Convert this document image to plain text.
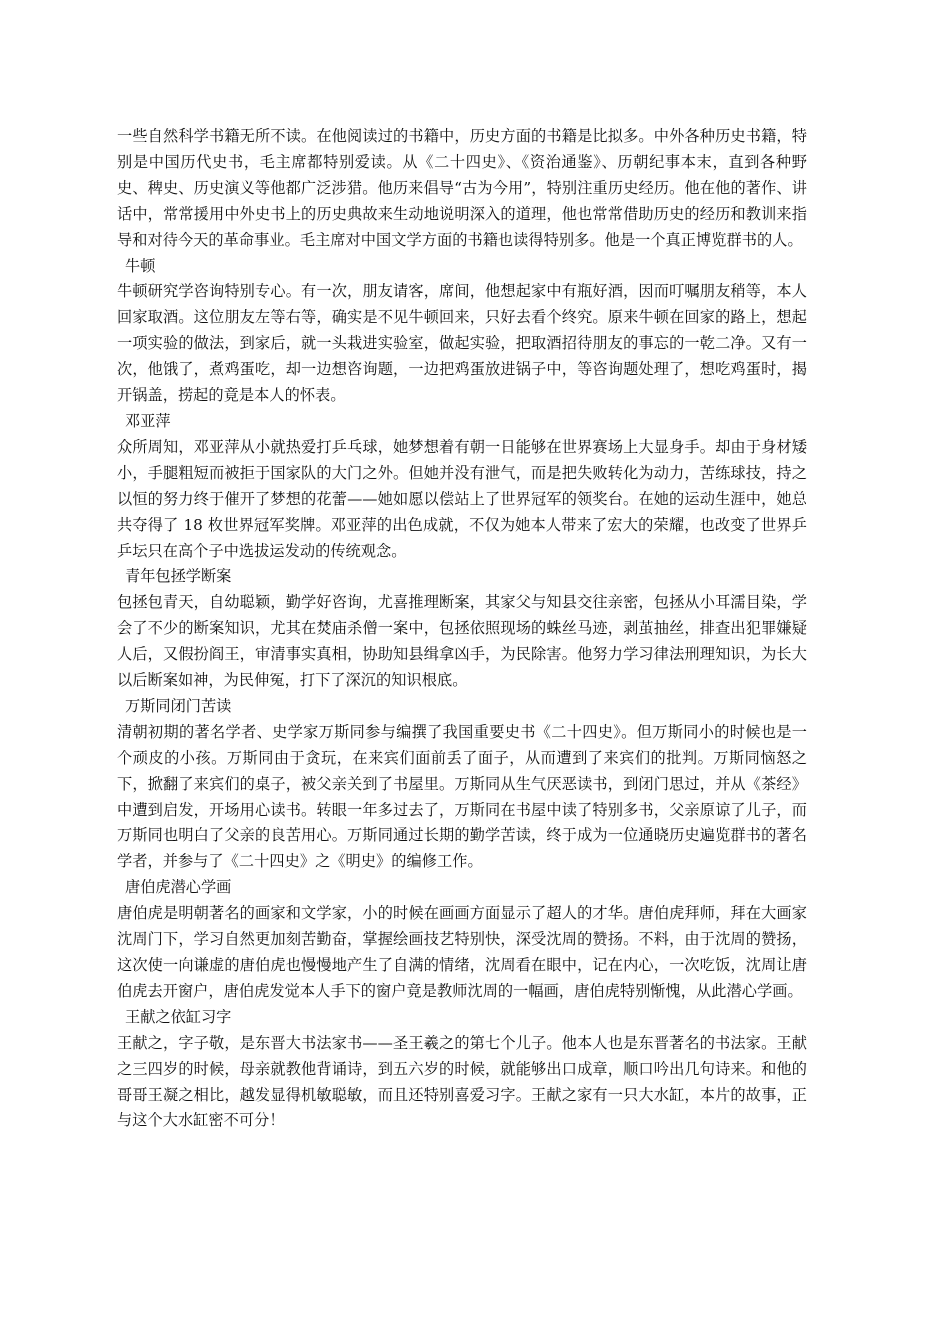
一些自然科学书籍无所不读。在他阅读过的书籍中，历史方面的书籍是比拟多。中外各种历史书籍，特别是中国历代史书，毛主席都特别爱读。从《二十四史》、《资治通鉴》、历朝纪事本末，直到各种野史、稗史、历史演义等他都广泛涉猎。他历来倡导“古为今用”，特别注重历史经历。他在他的著作、讲话中，常常援用中外史书上的历史典故来生动地说明深入的道理，他也常常借助历史的经历和教训来指导和对待今天的革命事业。毛主席对中国文学方面的书籍也读得特别多。他是一个真正博览群书的人。

牛顿

牛顿研究学咨询特别专心。有一次，朋友请客，席间，他想起家中有瓶好酒，因而叮嘱朋友稍等，本人回家取酒。这位朋友左等右等，确实是不见牛顿回来，只好去看个终究。原来牛顿在回家的路上，想起一项实验的做法，到家后，就一头栽进实验室，做起实验，把取酒招待朋友的事忘的一乾二净。又有一次，他饿了，煮鸡蛋吃，却一边想咨询题，一边把鸡蛋放进锅子中，等咨询题处理了，想吃鸡蛋时，揭开锅盖，捞起的竟是本人的怀表。

邓亚萍

众所周知，邓亚萍从小就热爱打乒乓球，她梦想着有朝一日能够在世界赛场上大显身手。却由于身材矮小，手腿粗短而被拒于国家队的大门之外。但她并没有泄气，而是把失败转化为动力，苦练球技，持之以恒的努力终于催开了梦想的花蕾——她如愿以偿站上了世界冠军的领奖台。在她的运动生涯中，她总共夺得了 18 枚世界冠军奖牌。邓亚萍的出色成就，不仅为她本人带来了宏大的荣耀，也改变了世界乒乒坛只在高个子中选拔运发动的传统观念。

青年包拯学断案

包拯包青天，自幼聪颖，勤学好咨询，尤喜推理断案，其家父与知县交往亲密，包拯从小耳濡目染，学会了不少的断案知识，尤其在焚庙杀僧一案中，包拯依照现场的蛛丝马迹，剥茧抽丝，排查出犯罪嫌疑人后，又假扮阎王，审清事实真相，协助知县缉拿凶手，为民除害。他努力学习律法刑理知识，为长大以后断案如神，为民伸冤，打下了深沉的知识根底。

万斯同闭门苦读

清朝初期的著名学者、史学家万斯同参与编撰了我国重要史书《二十四史》。但万斯同小的时候也是一个顽皮的小孩。万斯同由于贪玩，在来宾们面前丢了面子，从而遭到了来宾们的批判。万斯同恼怒之下，掀翻了来宾们的桌子，被父亲关到了书屋里。万斯同从生气厌恶读书，到闭门思过，并从《茶经》中遭到启发，开场用心读书。转眼一年多过去了，万斯同在书屋中读了特别多书，父亲原谅了儿子，而万斯同也明白了父亲的良苦用心。万斯同通过长期的勤学苦读，终于成为一位通晓历史遍览群书的著名学者，并参与了《二十四史》之《明史》的编修工作。

唐伯虎潜心学画

唐伯虎是明朝著名的画家和文学家，小的时候在画画方面显示了超人的才华。唐伯虎拜师，拜在大画家沈周门下，学习自然更加刻苦勤奋，掌握绘画技艺特别快，深受沈周的赞扬。不料，由于沈周的赞扬，这次使一向谦虚的唐伯虎也慢慢地产生了自满的情绪，沈周看在眼中，记在内心，一次吃饭，沈周让唐伯虎去开窗户，唐伯虎发觉本人手下的窗户竟是教师沈周的一幅画，唐伯虎特别惭愧，从此潜心学画。

王献之依缸习字

王献之，字子敬，是东晋大书法家书——圣王羲之的第七个儿子。他本人也是东晋著名的书法家。王献之三四岁的时候，母亲就教他背诵诗，到五六岁的时候，就能够出口成章，顺口吟出几句诗来。和他的哥哥王凝之相比，越发显得机敏聪敏，而且还特别喜爱习字。王献之家有一只大水缸，本片的故事，正与这个大水缸密不可分！
